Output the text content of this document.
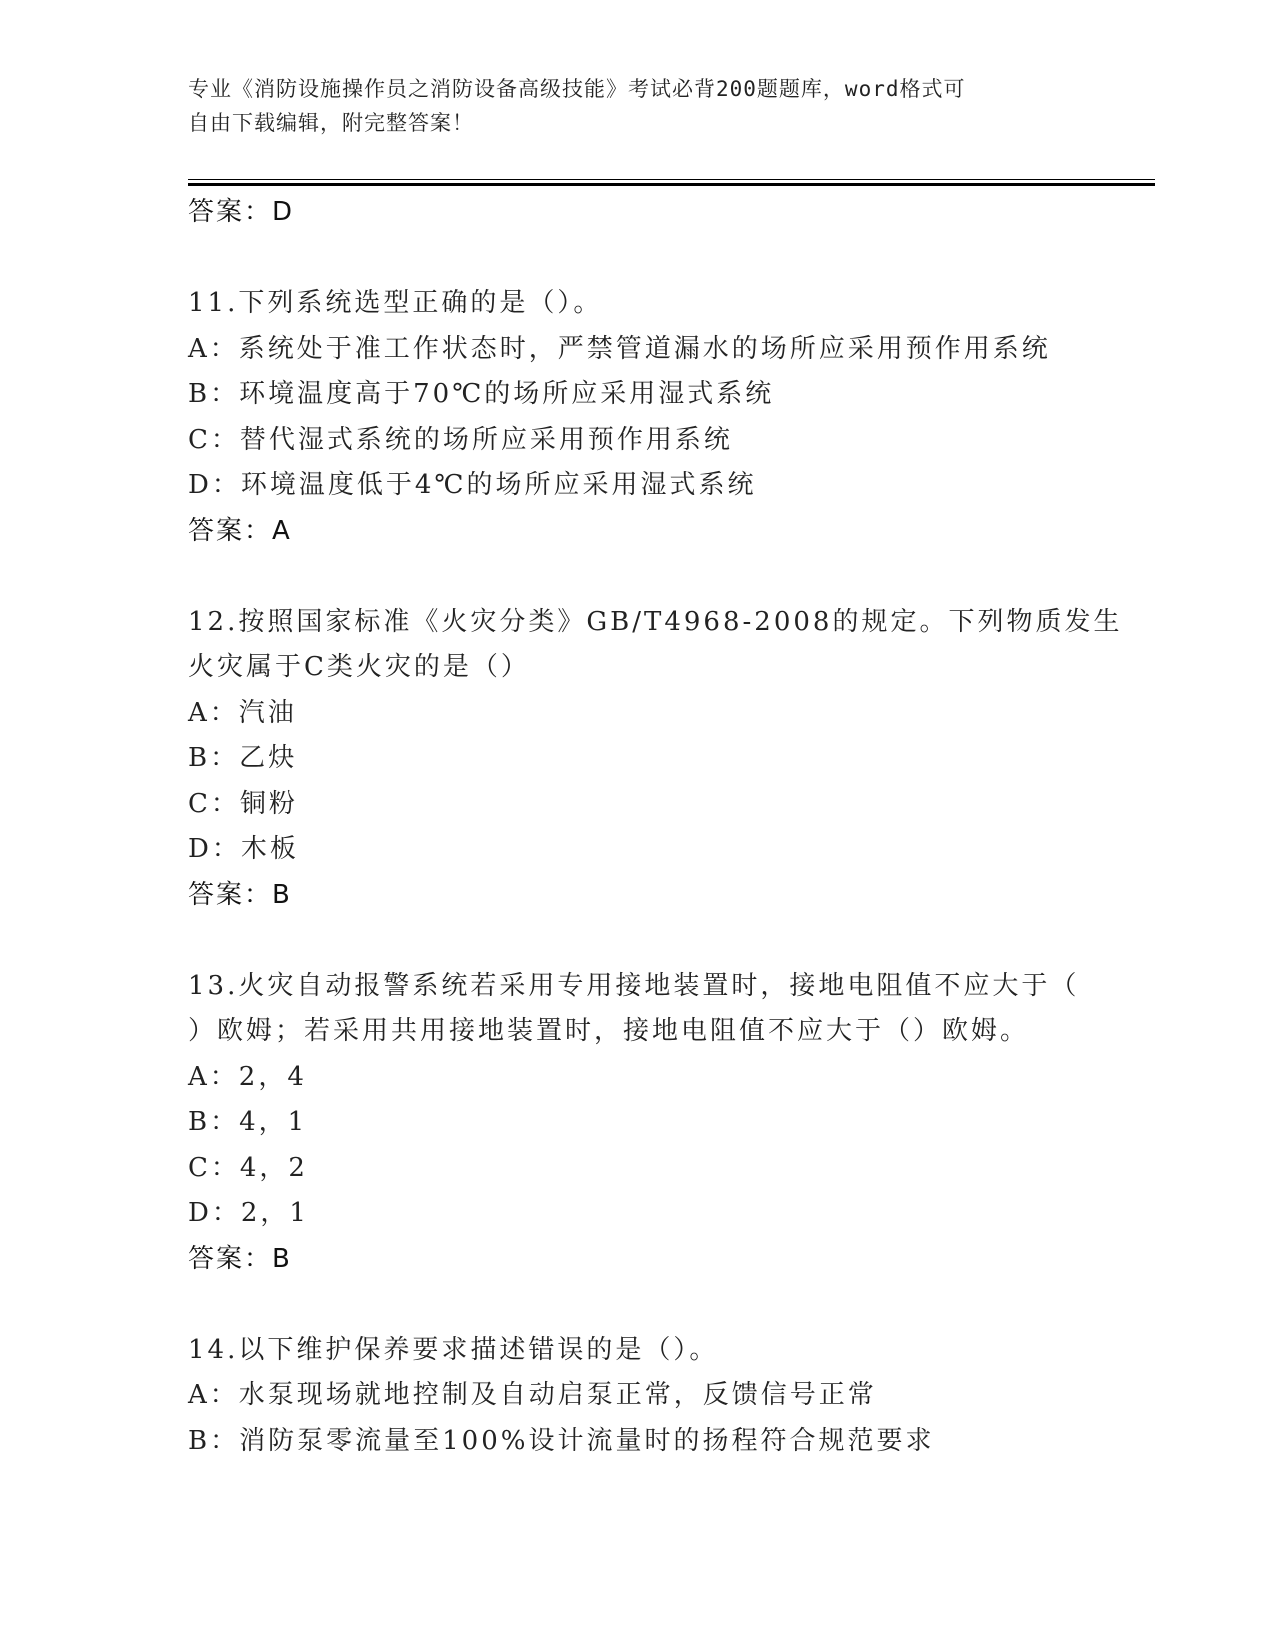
专业《消防设施操作员之消防设备高级技能》考试必背200题题库，word格式可
自由下载编辑，附完整答案！
答案：D
11.下列系统选型正确的是（）。
A：系统处于准工作状态时，严禁管道漏水的场所应采用预作用系统
B：环境温度高于70℃的场所应采用湿式系统
C：替代湿式系统的场所应采用预作用系统
D：环境温度低于4℃的场所应采用湿式系统
答案：A
12.按照国家标准《火灾分类》GB/T4968-2008的规定。下列物质发生
火灾属于C类火灾的是（）
A：汽油
B：乙炔
C：铜粉
D：木板
答案：B
13.火灾自动报警系统若采用专用接地装置时，接地电阻值不应大于（
）欧姆；若采用共用接地装置时，接地电阻值不应大于（）欧姆。
A：2，4
B：4，1
C：4，2
D：2，1
答案：B
14.以下维护保养要求描述错误的是（）。
A：水泵现场就地控制及自动启泵正常，反馈信号正常
B：消防泵零流量至100%设计流量时的扬程符合规范要求
